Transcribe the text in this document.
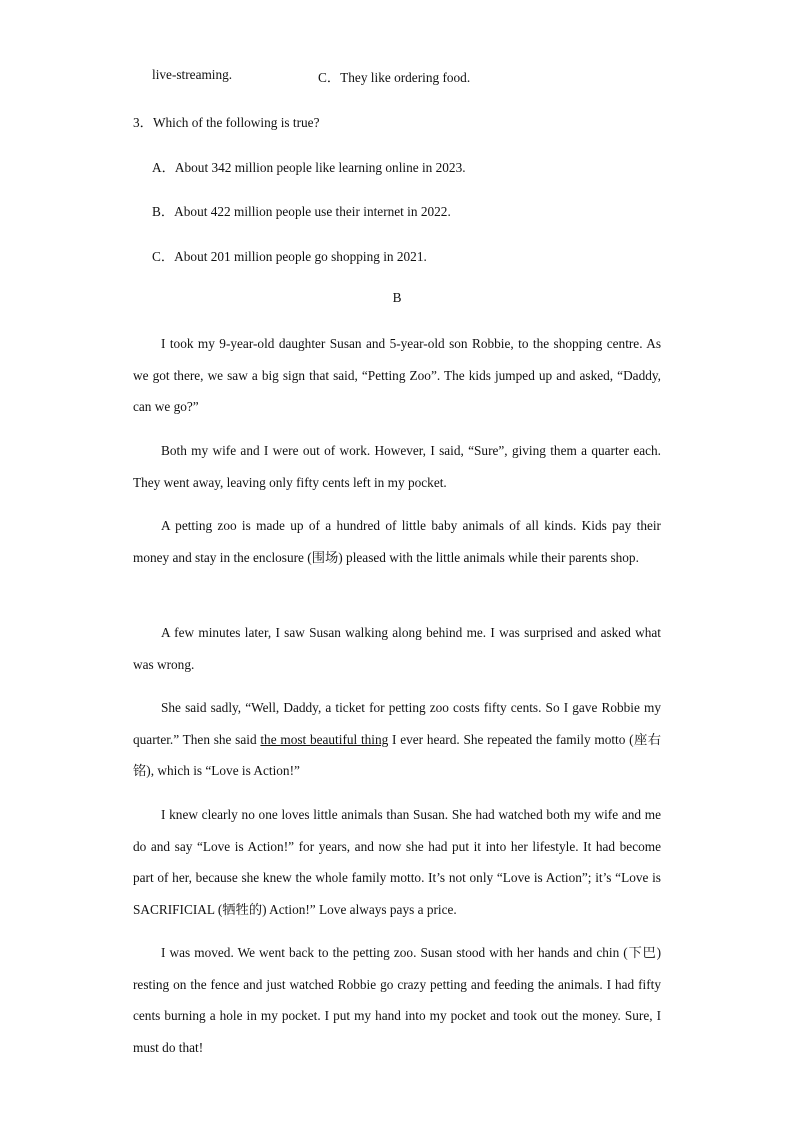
live-streaming.	C．They like ordering food.
3．Which of the following is true?
A．About 342 million people like learning online in 2023.
B．About 422 million people use their internet in 2022.
C．About 201 million people go shopping in 2021.
B

I took my 9-year-old daughter Susan and 5-year-old son Robbie, to the shopping centre. As we got there, we saw a big sign that said, “Petting Zoo”. The kids jumped up and asked, “Daddy, can we go?”

Both my wife and I were out of work. However, I said, “Sure”, giving them a quarter each. They went away, leaving only fifty cents left in my pocket.

A petting zoo is made up of a hundred of little baby animals of all kinds. Kids pay their money and stay in the enclosure (围场) pleased with the little animals while their parents shop.

A few minutes later, I saw Susan walking along behind me. I was surprised and asked what was wrong.

She said sadly, “Well, Daddy, a ticket for petting zoo costs fifty cents. So I gave Robbie my quarter.” Then she said the most beautiful thing I ever heard. She repeated the family motto (座右铭), which is “Love is Action!”

I knew clearly no one loves little animals than Susan. She had watched both my wife and me do and say “Love is Action!” for years, and now she had put it into her lifestyle. It had become part of her, because she knew the whole family motto. It’s not only “Love is Action”; it’s “Love is SACRIFICIAL (牺牲的) Action!” Love always pays a price.

I was moved. We went back to the petting zoo. Susan stood with her hands and chin (下巴) resting on the fence and just watched Robbie go crazy petting and feeding the animals. I had fifty cents burning a hole in my pocket. I put my hand into my pocket and took out the money. Sure, I must do that!
